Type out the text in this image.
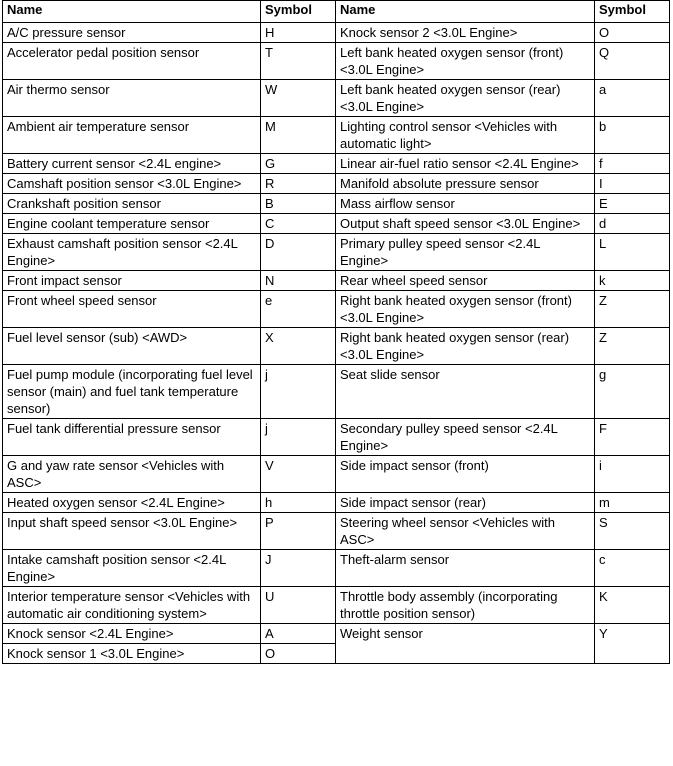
Name	Symbol	Name	Symbol
A/C pressure sensor	H	Knock sensor 2 <3.0L Engine>	O
Accelerator pedal position sensor	T	Left bank heated oxygen sensor (front) <3.0L Engine>	Q
Air thermo sensor	W	Left bank heated oxygen sensor (rear) <3.0L Engine>	a
Ambient air temperature sensor	M	Lighting control sensor <Vehicles with automatic light>	b
Battery current sensor <2.4L engine>	G	Linear air-fuel ratio sensor <2.4L Engine>	f
Camshaft position sensor <3.0L Engine>	R	Manifold absolute pressure sensor	I
Crankshaft position sensor	B	Mass airflow sensor	E
Engine coolant temperature sensor	C	Output shaft speed sensor <3.0L Engine>	d
Exhaust camshaft position sensor <2.4L Engine>	D	Primary pulley speed sensor <2.4L Engine>	L
Front impact sensor	N	Rear wheel speed sensor	k
Front wheel speed sensor	e	Right bank heated oxygen sensor (front) <3.0L Engine>	Z
Fuel level sensor (sub) <AWD>	X	Right bank heated oxygen sensor (rear) <3.0L Engine>	Z
Fuel pump module (incorporating fuel level sensor (main) and fuel tank temperature sensor)	j	Seat slide sensor	g
Fuel tank differential pressure sensor	j	Secondary pulley speed sensor <2.4L Engine>	F
G and yaw rate sensor <Vehicles with ASC>	V	Side impact sensor (front)	i
Heated oxygen sensor <2.4L Engine>	h	Side impact sensor (rear)	m
Input shaft speed sensor <3.0L Engine>	P	Steering wheel sensor <Vehicles with ASC>	S
Intake camshaft position sensor <2.4L Engine>	J	Theft-alarm sensor	c
Interior temperature sensor <Vehicles with automatic air conditioning system>	U	Throttle body assembly (incorporating throttle position sensor)	K
Knock sensor <2.4L Engine>	A	Weight sensor	Y
Knock sensor 1 <3.0L Engine>	O		
